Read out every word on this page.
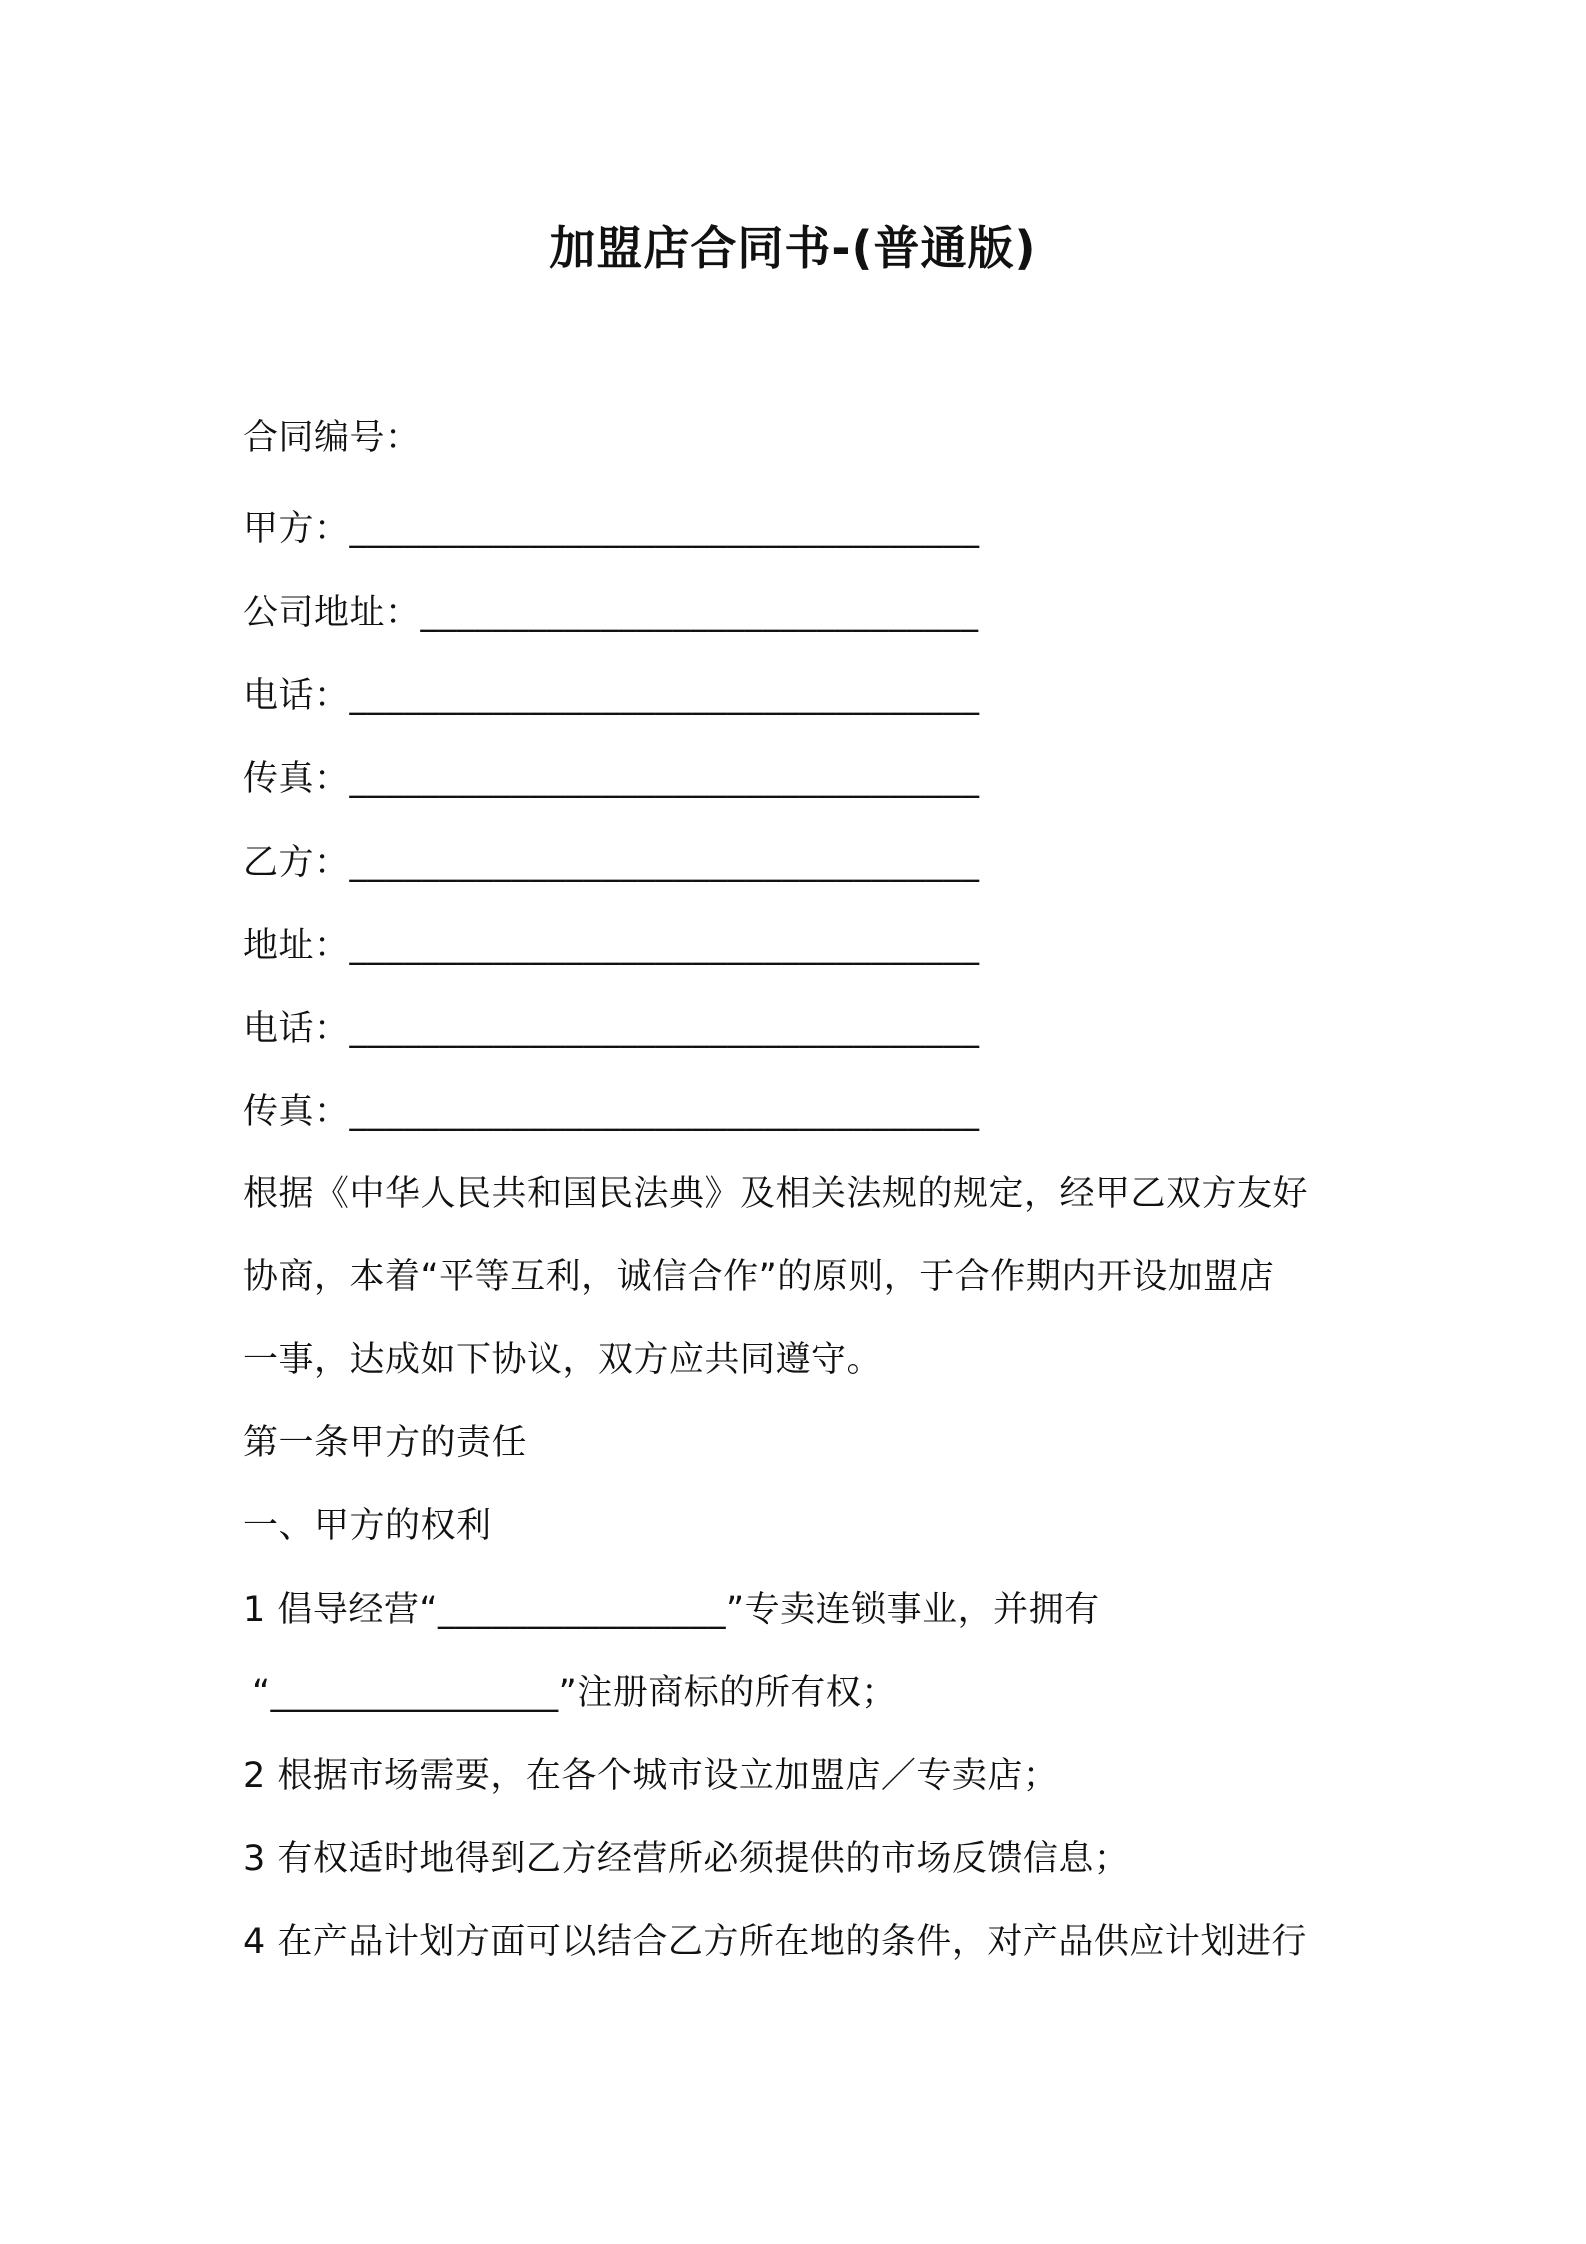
加盟店合同书-(普通版)
合同编号：
甲方：___________________________________
公司地址：_______________________________
电话：___________________________________
传真：___________________________________
乙方：___________________________________
地址：___________________________________
电话：___________________________________
传真：___________________________________
根据《中华人民共和国民法典》及相关法规的规定，经甲乙双方友好
协商，本着“平等互利，诚信合作”的原则，于合作期内开设加盟店
一事，达成如下协议，双方应共同遵守。
第一条甲方的责任
一、甲方的权利
1 倡导经营“________________”专卖连锁事业，并拥有
“________________”注册商标的所有权；
2 根据市场需要，在各个城市设立加盟店／专卖店；
3 有权适时地得到乙方经营所必须提供的市场反馈信息；
4 在产品计划方面可以结合乙方所在地的条件，对产品供应计划进行
